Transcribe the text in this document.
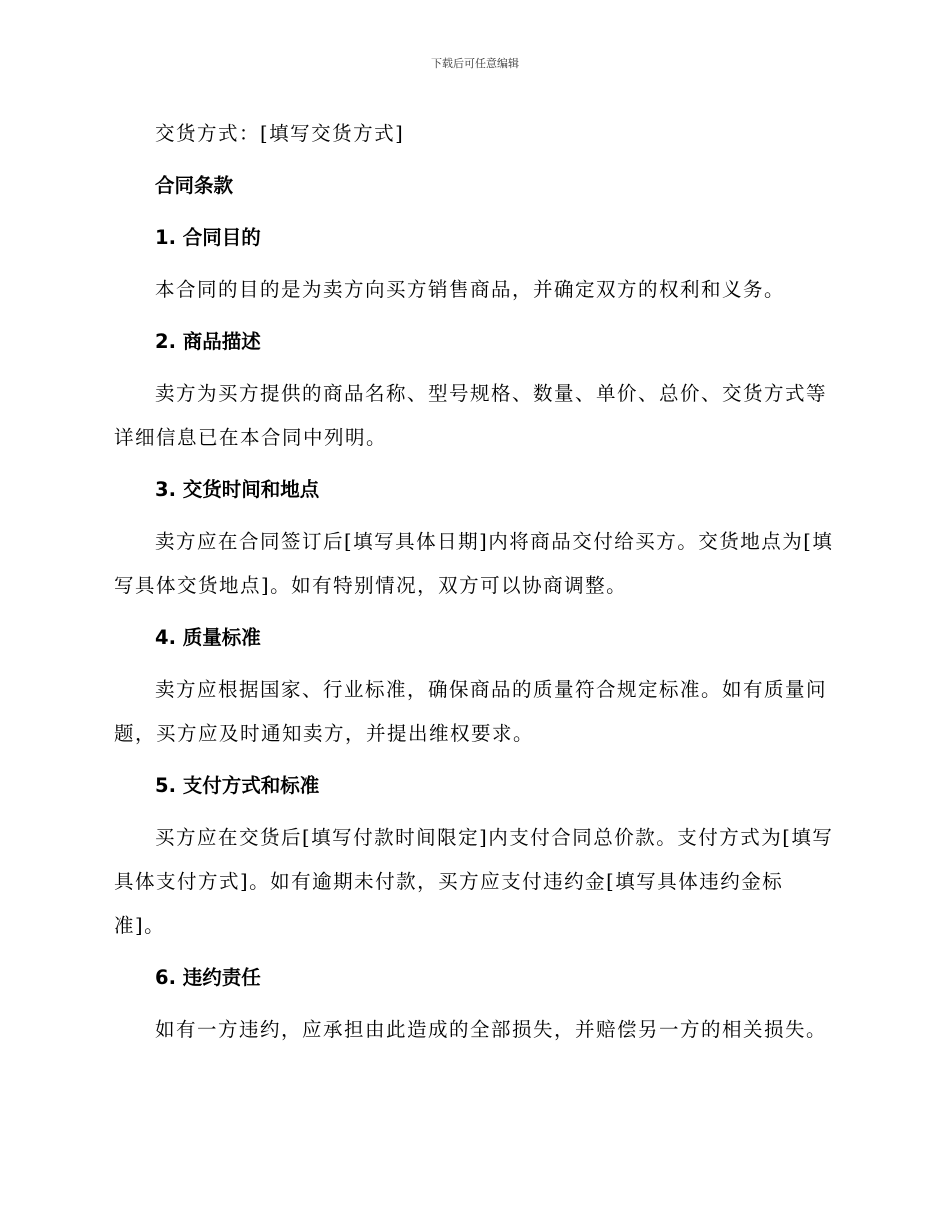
下载后可任意编辑

交货方式：[填写交货方式]

合同条款

1. 合同目的

本合同的目的是为卖方向买方销售商品，并确定双方的权利和义务。

2. 商品描述

卖方为买方提供的商品名称、型号规格、数量、单价、总价、交货方式等详细信息已在本合同中列明。

3. 交货时间和地点

卖方应在合同签订后[填写具体日期]内将商品交付给买方。交货地点为[填写具体交货地点]。如有特别情况，双方可以协商调整。

4. 质量标准

卖方应根据国家、行业标准，确保商品的质量符合规定标准。如有质量问题，买方应及时通知卖方，并提出维权要求。

5. 支付方式和标准

买方应在交货后[填写付款时间限定]内支付合同总价款。支付方式为[填写具体支付方式]。如有逾期未付款，买方应支付违约金[填写具体违约金标准]。

6. 违约责任

如有一方违约，应承担由此造成的全部损失，并赔偿另一方的相关损失。
